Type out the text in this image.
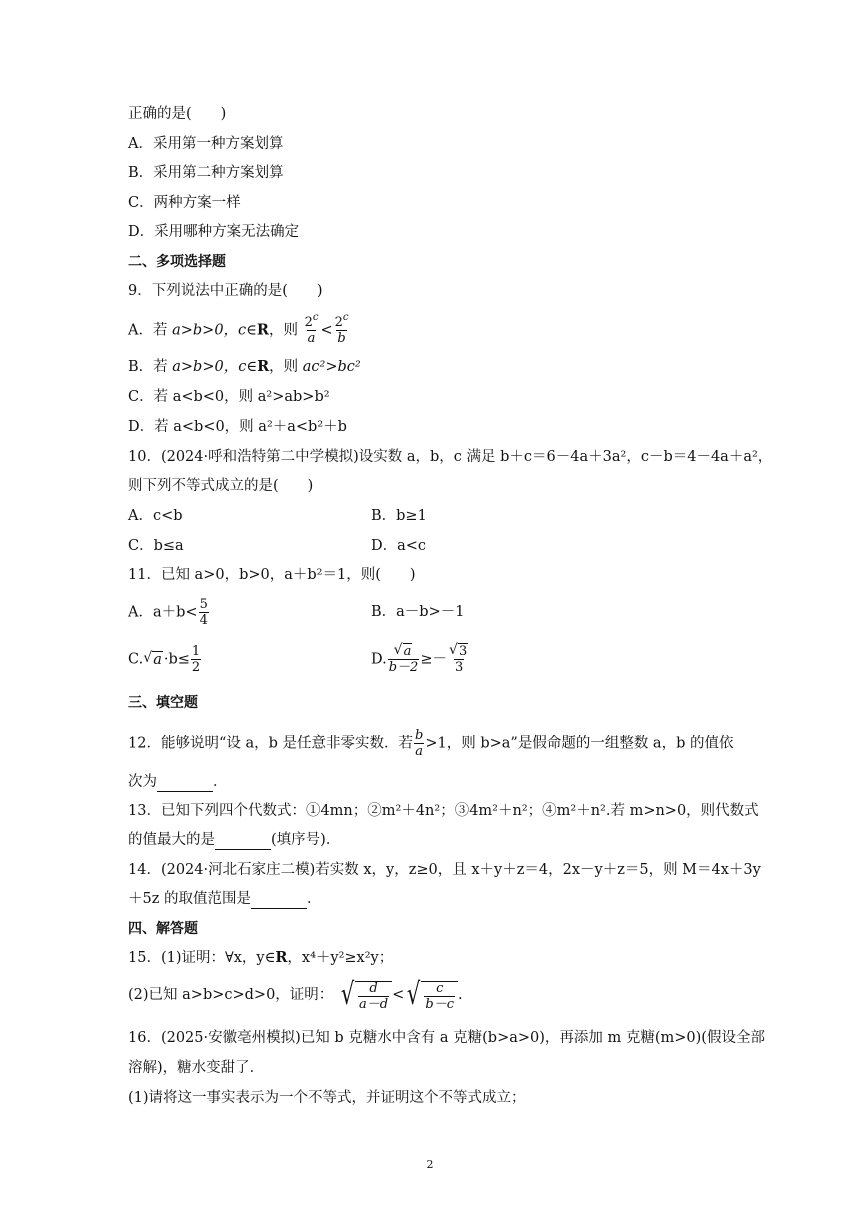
正确的是(　　)
A．采用第一种方案划算
B．采用第二种方案划算
C．两种方案一样
D．采用哪种方案无法确定
二、多项选择题
9．下列说法中正确的是(　　)
A．若 a>b>0，c∈R，则 $\frac{2^c}{a} < \frac{2^c}{b}$
B．若 a>b>0，c∈R，则 ac²>bc²
C．若 a<b<0，则 a²>ab>b²
D．若 a<b<0，则 a²＋a<b²＋b
10．(2024·呼和浩特第二中学模拟)设实数 a，b，c 满足 b＋c＝6－4a＋3a²，c－b＝4－4a＋a²，
则下列不等式成立的是(　　)
A．c<b	B．b≥1
C．b≤a	D．a<c
11．已知 a>0，b>0，a＋b²＝1，则(　　)
A．$a+b< \frac{5}{4}$	B．a－b>－1
C. √ $a \cdot b\le \frac{1}{2}$	D. √ $\frac{a}{b-2}$ ≥－ √ $\frac{3}{3}$
三、填空题
12．能够说明“设 a，b 是任意非零实数．若 $\frac{b}{a} >1$，则 b>a”是假命题的一组整数 a，b 的值依
次为	．
13．已知下列四个代数式：①4mn；②m²＋4n²；③4m²＋n²；④m²＋n².若 m>n>0，则代数式
的值最大的是	(填序号)．
14．(2024·河北石家庄二模)若实数 x，y，z≥0，且 x＋y＋z＝4，2x－y＋z＝5，则 M＝4x＋3y
＋5z 的取值范围是	．
四、解答题
15．(1)证明：∀x，y∈R，x⁴＋y²≥x²y；
(2)已知 a>b>c>d>0，证明： √ $\frac{d}{a-d}$ < √ $\frac{c}{b-c}$ .
16．(2025·安徽亳州模拟)已知 b 克糖水中含有 a 克糖(b>a>0)，再添加 m 克糖(m>0)(假设全部
溶解)，糖水变甜了．
(1)请将这一事实表示为一个不等式，并证明这个不等式成立；
2
